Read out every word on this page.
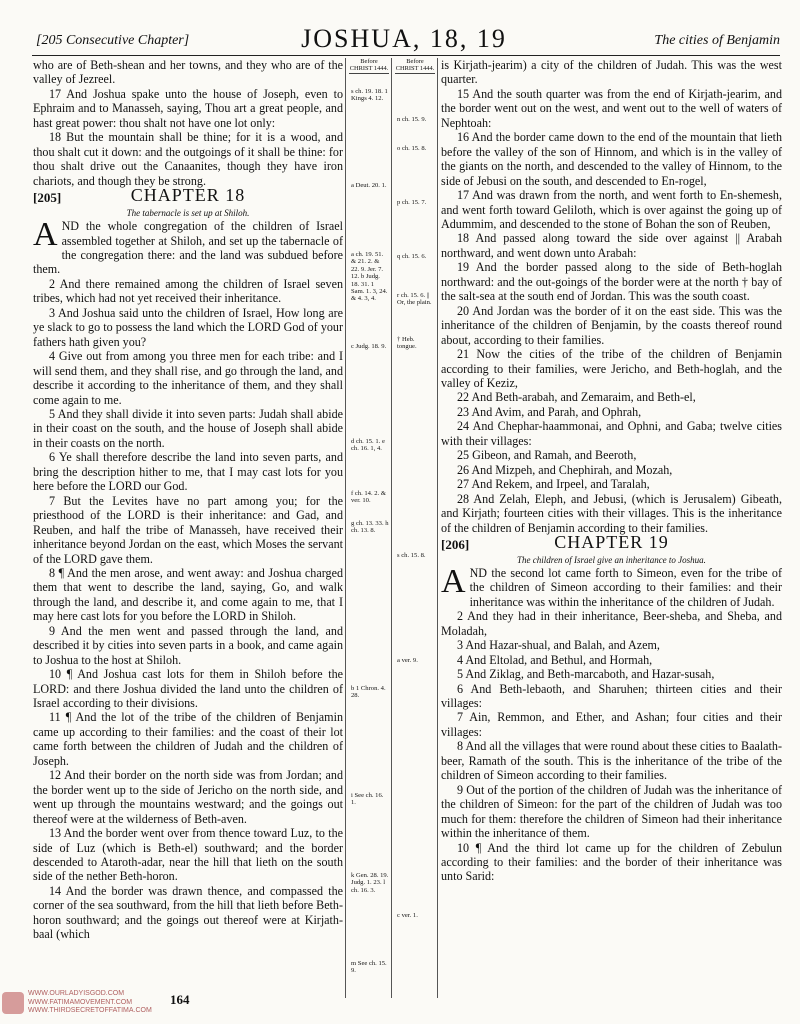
[205 Consecutive Chapter]	JOSHUA, 18, 19	The cities of Benjamin

who are of Beth-shean and her towns, and they who are of the valley of Jezreel.

17 And Joshua spake unto the house of Joseph, even to Ephraim and to Manasseh, saying, Thou art a great people, and hast great power: thou shalt not have one lot only:

18 But the mountain shall be thine; for it is a wood, and thou shalt cut it down: and the outgoings of it shall be thine: for thou shalt drive out the Canaanites, though they have iron chariots, and though they be strong.

[205]	CHAPTER 18

The tabernacle is set up at Shiloh.

AND the whole congregation of the children of Israel assembled together at Shiloh, and set up the tabernacle of the congregation there: and the land was subdued before them.

2 And there remained among the children of Israel seven tribes, which had not yet received their inheritance.

3 And Joshua said unto the children of Israel, How long are ye slack to go to possess the land which the LORD God of your fathers hath given you?

4 Give out from among you three men for each tribe: and I will send them, and they shall rise, and go through the land, and describe it according to the inheritance of them, and they shall come again to me.

5 And they shall divide it into seven parts: Judah shall abide in their coast on the south, and the house of Joseph shall abide in their coasts on the north.

6 Ye shall therefore describe the land into seven parts, and bring the description hither to me, that I may cast lots for you here before the LORD our God.

7 But the Levites have no part among you; for the priesthood of the LORD is their inheritance: and Gad, and Reuben, and half the tribe of Manasseh, have received their inheritance beyond Jordan on the east, which Moses the servant of the LORD gave them.

8 ¶ And the men arose, and went away: and Joshua charged them that went to describe the land, saying, Go, and walk through the land, and describe it, and come again to me, that I may here cast lots for you before the LORD in Shiloh.

9 And the men went and passed through the land, and described it by cities into seven parts in a book, and came again to Joshua to the host at Shiloh.

10 ¶ And Joshua cast lots for them in Shiloh before the LORD: and there Joshua divided the land unto the children of Israel according to their divisions.

11 ¶ And the lot of the tribe of the children of Benjamin came up according to their families: and the coast of their lot came forth between the children of Judah and the children of Joseph.

12 And their border on the north side was from Jordan; and the border went up to the side of Jericho on the north side, and went up through the mountains westward; and the goings out thereof were at the wilderness of Beth-aven.

13 And the border went over from thence toward Luz, to the side of Luz (which is Beth-el) southward; and the border descended to Ataroth-adar, near the hill that lieth on the south side of the nether Beth-horon.

14 And the border was drawn thence, and compassed the corner of the sea southward, from the hill that lieth before Beth-horon southward; and the goings out thereof were at Kirjath-baal (which

Before CHRIST 1444.
s ch. 19. 18. 1 Kings 4. 12.
a Deut. 20. 1.
a ch. 19. 51. & 21. 2. & 22. 9. Jer. 7. 12. b Judg. 18. 31. 1 Sam. 1. 3, 24. & 4. 3, 4.
c Judg. 18. 9.
d ch. 15. 1. e ch. 16. 1, 4.
f ch. 14. 2. & ver. 10.
g ch. 13. 33. h ch. 13. 8.
b 1 Chron. 4. 28.
i See ch. 16. 1.
k Gen. 28. 19. Judg. 1. 23. l ch. 16. 3.
m See ch. 15. 9.
Before CHRIST 1444.
n ch. 15. 9.
o ch. 15. 8.
p ch. 15. 7.
q ch. 15. 6.
r ch. 15. 6. || Or, the plain.
† Heb. tongue.
s ch. 15. 8.
a ver. 9.
c ver. 1.

is Kirjath-jearim) a city of the children of Judah. This was the west quarter.

15 And the south quarter was from the end of Kirjath-jearim, and the border went out on the west, and went out to the well of waters of Nephtoah:

16 And the border came down to the end of the mountain that lieth before the valley of the son of Hinnom, and which is in the valley of the giants on the north, and descended to the valley of Hinnom, to the side of Jebusi on the south, and descended to En-rogel,

17 And was drawn from the north, and went forth to En-shemesh, and went forth toward Geliloth, which is over against the going up of Adummim, and descended to the stone of Bohan the son of Reuben,

18 And passed along toward the side over against || Arabah northward, and went down unto Arabah:

19 And the border passed along to the side of Beth-hoglah northward: and the out-goings of the border were at the north † bay of the salt-sea at the south end of Jordan. This was the south coast.

20 And Jordan was the border of it on the east side. This was the inheritance of the children of Benjamin, by the coasts thereof round about, according to their families.

21 Now the cities of the tribe of the children of Benjamin according to their families, were Jericho, and Beth-hoglah, and the valley of Keziz,

22 And Beth-arabah, and Zemaraim, and Beth-el,

23 And Avim, and Parah, and Ophrah,

24 And Chephar-haammonai, and Ophni, and Gaba; twelve cities with their villages:

25 Gibeon, and Ramah, and Beeroth,

26 And Mizpeh, and Chephirah, and Mozah,

27 And Rekem, and Irpeel, and Taralah,

28 And Zelah, Eleph, and Jebusi, (which is Jerusalem) Gibeath, and Kirjath; fourteen cities with their villages. This is the inheritance of the children of Benjamin according to their families.

[206]	CHAPTER 19

The children of Israel give an inheritance to Joshua.

AND the second lot came forth to Simeon, even for the tribe of the children of Simeon according to their families: and their inheritance was within the inheritance of the children of Judah.

2 And they had in their inheritance, Beer-sheba, and Sheba, and Moladah,

3 And Hazar-shual, and Balah, and Azem,

4 And Eltolad, and Bethul, and Hormah,

5 And Ziklag, and Beth-marcaboth, and Hazar-susah,

6 And Beth-lebaoth, and Sharuhen; thirteen cities and their villages:

7 Ain, Remmon, and Ether, and Ashan; four cities and their villages:

8 And all the villages that were round about these cities to Baalath-beer, Ramath of the south. This is the inheritance of the tribe of the children of Simeon according to their families.

9 Out of the portion of the children of Judah was the inheritance of the children of Simeon: for the part of the children of Judah was too much for them: therefore the children of Simeon had their inheritance within the inheritance of them.

10 ¶ And the third lot came up for the children of Zebulun according to their families: and the border of their inheritance was unto Sarid:

WWW.OURLADYISGOD.COM
WWW.FATIMAMOVEMENT.COM
WWW.THIRDSECRETOFFATIMA.COM
164
